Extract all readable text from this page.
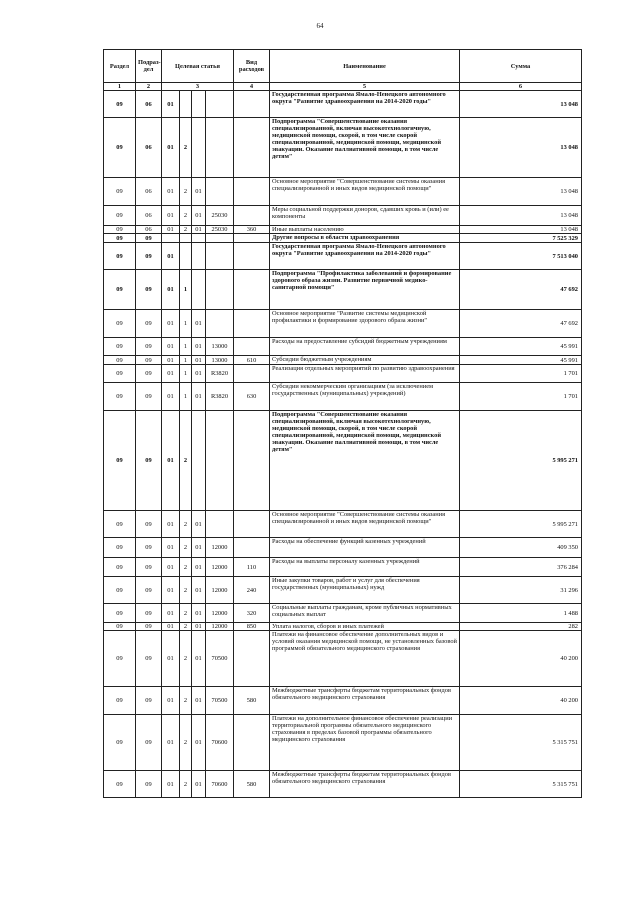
64
Раздел	Подраз-дел	Целевая статья				Вид расходов	Наименование	Сумма
1	2	3				4	5	6
09	06	01					Государственная программа Ямало-Ненецкого автономного округа "Развитие здравоохранения на 2014-2020 годы"	13 048
09	06	01	2				Подпрограмма "Совершенствование оказания специализированной, включая высокотехнологичную, медицинской помощи, скорой, в том числе скорой специализированной, медицинской помощи, медицинской эвакуации. Оказание паллиативной помощи, в том числе детям"	13 048
09	06	01	2	01			Основное мероприятие "Совершенствование системы оказания специализированной и иных видов медицинской помощи"	13 048
09	06	01	2	01	25030		Меры социальной поддержки доноров, сдавших кровь и (или) ее компоненты	13 048
09	06	01	2	01	25030	360	Иные выплаты населению	13 048
09	09						Другие вопросы в области здравоохранения	7 525 329
09	09	01					Государственная программа Ямало-Ненецкого автономного округа "Развитие здравоохранения на 2014-2020 годы"	7 513 040
09	09	01	1				Подпрограмма "Профилактика заболеваний и формирование здорового образа жизни. Развитие первичной медико-санитарной помощи"	47 692
09	09	01	1	01			Основное мероприятие "Развитие системы медицинской профилактики и формирование здорового образа жизни"	47 692
09	09	01	1	01	13000		Расходы на предоставление субсидий бюджетным учреждениям	45 991
09	09	01	1	01	13000	610	Субсидии бюджетным учреждениям	45 991
09	09	01	1	01	R3820		Реализация отдельных мероприятий по развитию здравоохранения	1 701
09	09	01	1	01	R3820	630	Субсидии некоммерческим организациям (за исключением государственных (муниципальных) учреждений)	1 701
09	09	01	2				Подпрограмма "Совершенствование оказания специализированной, включая высокотехнологичную, медицинской помощи, скорой, в том числе скорой специализированной, медицинской помощи, медицинской эвакуации. Оказание паллиативной помощи, в том числе детям"	5 995 271
09	09	01	2	01			Основное мероприятие "Совершенствование системы оказания специализированной и иных видов медицинской помощи"	5 995 271
09	09	01	2	01	12000		Расходы на обеспечение функций казенных учреждений	409 350
09	09	01	2	01	12000	110	Расходы на выплаты персоналу казенных учреждений	376 284
09	09	01	2	01	12000	240	Иные закупки товаров, работ и услуг для обеспечения государственных (муниципальных) нужд	31 296
09	09	01	2	01	12000	320	Социальные выплаты гражданам, кроме публичных нормативных социальных выплат	1 488
09	09	01	2	01	12000	850	Уплата налогов, сборов и иных платежей	282
09	09	01	2	01	70500		Платежи на финансовое обеспечение дополнительных видов и условий оказания медицинской помощи, не установленных базовой программой обязательного медицинского страхования	40 200
09	09	01	2	01	70500	580	Межбюджетные трансферты бюджетам территориальных фондов обязательного медицинского страхования	40 200
09	09	01	2	01	70600		Платежи на дополнительное финансовое обеспечение реализации территориальной программы обязательного медицинского страхования в пределах базовой программы обязательного медицинского страхования	5 315 751
09	09	01	2	01	70600	580	Межбюджетные трансферты бюджетам территориальных фондов обязательного медицинского страхования	5 315 751
